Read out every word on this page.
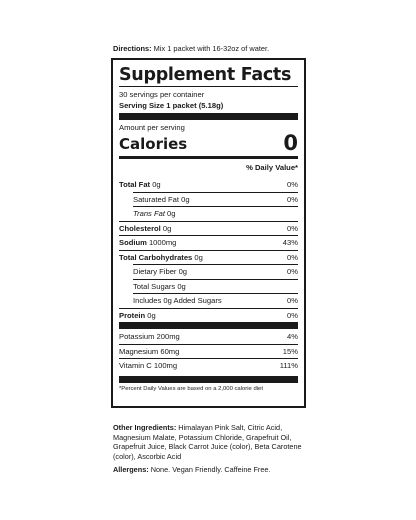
Directions: Mix 1 packet with 16-32oz of water.
Supplement Facts
30 servings per container
Serving Size 1 packet (5.18g)
Amount per serving
Calories	0
% Daily Value*
Total Fat 0g	0%
Saturated Fat 0g	0%
Trans Fat 0g
Cholesterol 0g	0%
Sodium 1000mg	43%
Total Carbohydrates 0g	0%
Dietary Fiber 0g	0%
Total Sugars 0g
Includes 0g Added Sugars	0%
Protein 0g	0%
Potassium 200mg	4%
Magnesium 60mg	15%
Vitamin C 100mg	111%
*Percent Daily Values are based on a 2,000 calorie diet
Other Ingredients: Himalayan Pink Salt, Citric Acid, Magnesium Malate, Potassium Chloride, Grapefruit Oil, Grapefruit Juice, Black Carrot Juice (color), Beta Carotene (color), Ascorbic Acid
Allergens: None. Vegan Friendly. Caffeine Free.
